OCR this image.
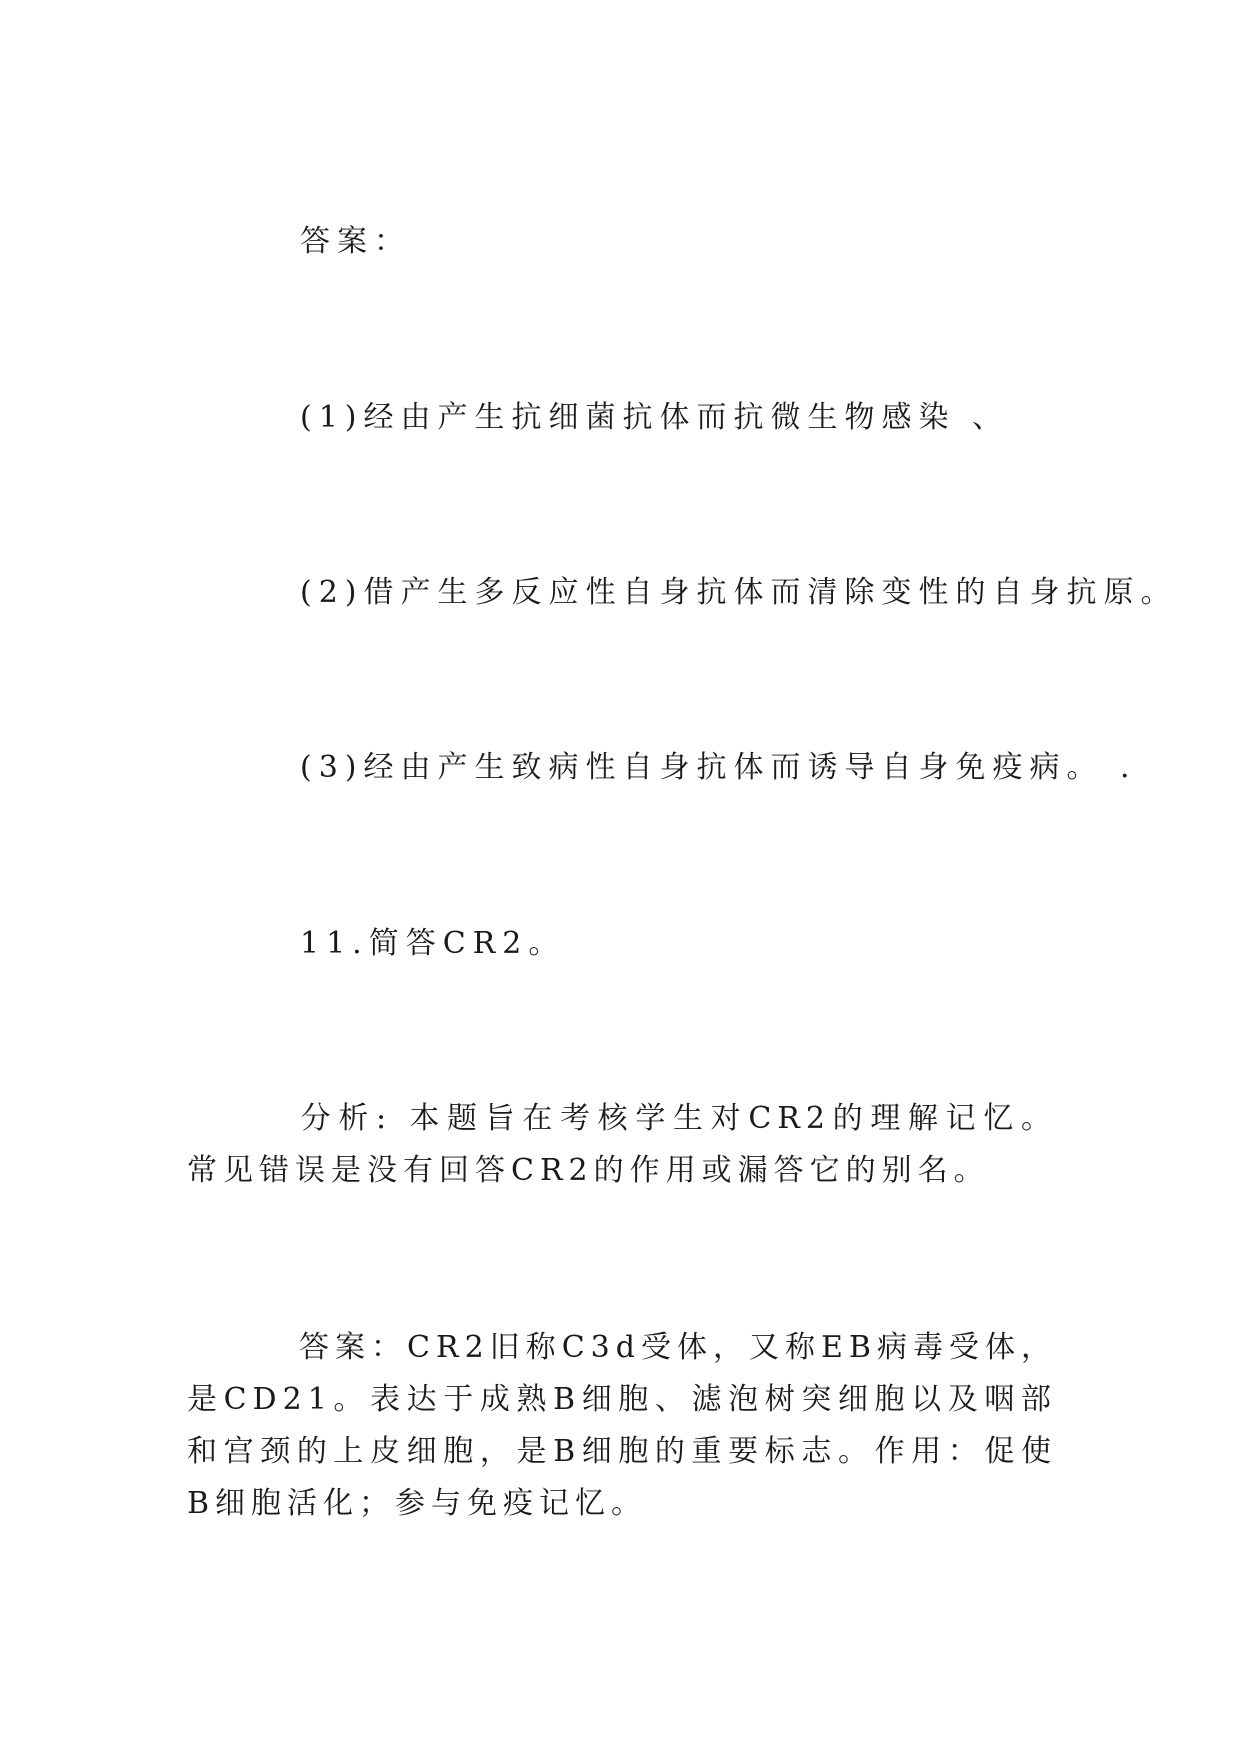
答案：
(1)经由产生抗细菌抗体而抗微生物感染 、
(2)借产生多反应性自身抗体而清除变性的自身抗原。
(3)经由产生致病性自身抗体而诱导自身免疫病。 .
11.简答CR2。
分析: 本题旨在考核学生对CR2的理解记忆。常见错误是没有回答CR2的作用或漏答它的别名。
答案：CR2旧称C3d受体，又称EB病毒受体，是CD21。表达于成熟B细胞、滤泡树突细胞以及咽部和宫颈的上皮细胞，是B细胞的重要标志。作用：促使B细胞活化；参与免疫记忆。
